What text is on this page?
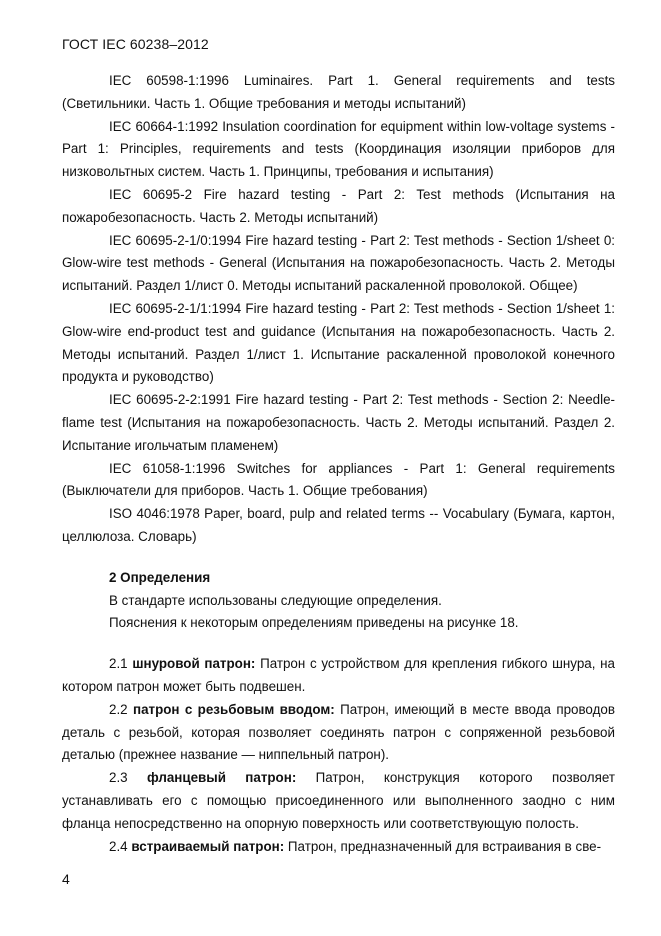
ГОСТ IEC 60238–2012

IEC 60598-1:1996 Luminaires. Part 1. General requirements and tests (Светильники. Часть 1. Общие требования и методы испытаний)

IEC 60664-1:1992 Insulation coordination for equipment within low-voltage systems - Part 1: Principles, requirements and tests (Координация изоляции приборов для низковольтных систем. Часть 1. Принципы, требования и испытания)

IEC 60695-2 Fire hazard testing - Part 2: Test methods (Испытания на пожаробезопасность. Часть 2. Методы испытаний)

IEC 60695-2-1/0:1994 Fire hazard testing - Part 2: Test methods - Section 1/sheet 0: Glow-wire test methods - General (Испытания на пожаробезопасность. Часть 2. Методы испытаний. Раздел 1/лист 0. Методы испытаний раскаленной проволокой. Общее)

IEC 60695-2-1/1:1994 Fire hazard testing - Part 2: Test methods - Section 1/sheet 1: Glow-wire end-product test and guidance (Испытания на пожаробезопасность. Часть 2. Методы испытаний. Раздел 1/лист 1. Испытание раскаленной проволокой конечного продукта и руководство)

IEC 60695-2-2:1991 Fire hazard testing - Part 2: Test methods - Section 2: Needle-flame test (Испытания на пожаробезопасность. Часть 2. Методы испытаний. Раздел 2. Испытание игольчатым пламенем)

IEC 61058-1:1996 Switches for appliances - Part 1: General requirements (Выключатели для приборов. Часть 1. Общие требования)

ISO 4046:1978 Paper, board, pulp and related terms -- Vocabulary (Бумага, картон, целлюлоза. Словарь)

2 Определения

В стандарте использованы следующие определения.

Пояснения к некоторым определениям приведены на рисунке 18.

2.1 шнуровой патрон: Патрон с устройством для крепления гибкого шнура, на котором патрон может быть подвешен.

2.2 патрон с резьбовым вводом: Патрон, имеющий в месте ввода проводов деталь с резьбой, которая позволяет соединять патрон с сопряженной резьбовой деталью (прежнее название — ниппельный патрон).

2.3 фланцевый патрон: Патрон, конструкция которого позволяет устанавливать его с помощью присоединенного или выполненного заодно с ним фланца непосредственно на опорную поверхность или соответствующую полость.

2.4 встраиваемый патрон: Патрон, предназначенный для встраивания в све-

4
